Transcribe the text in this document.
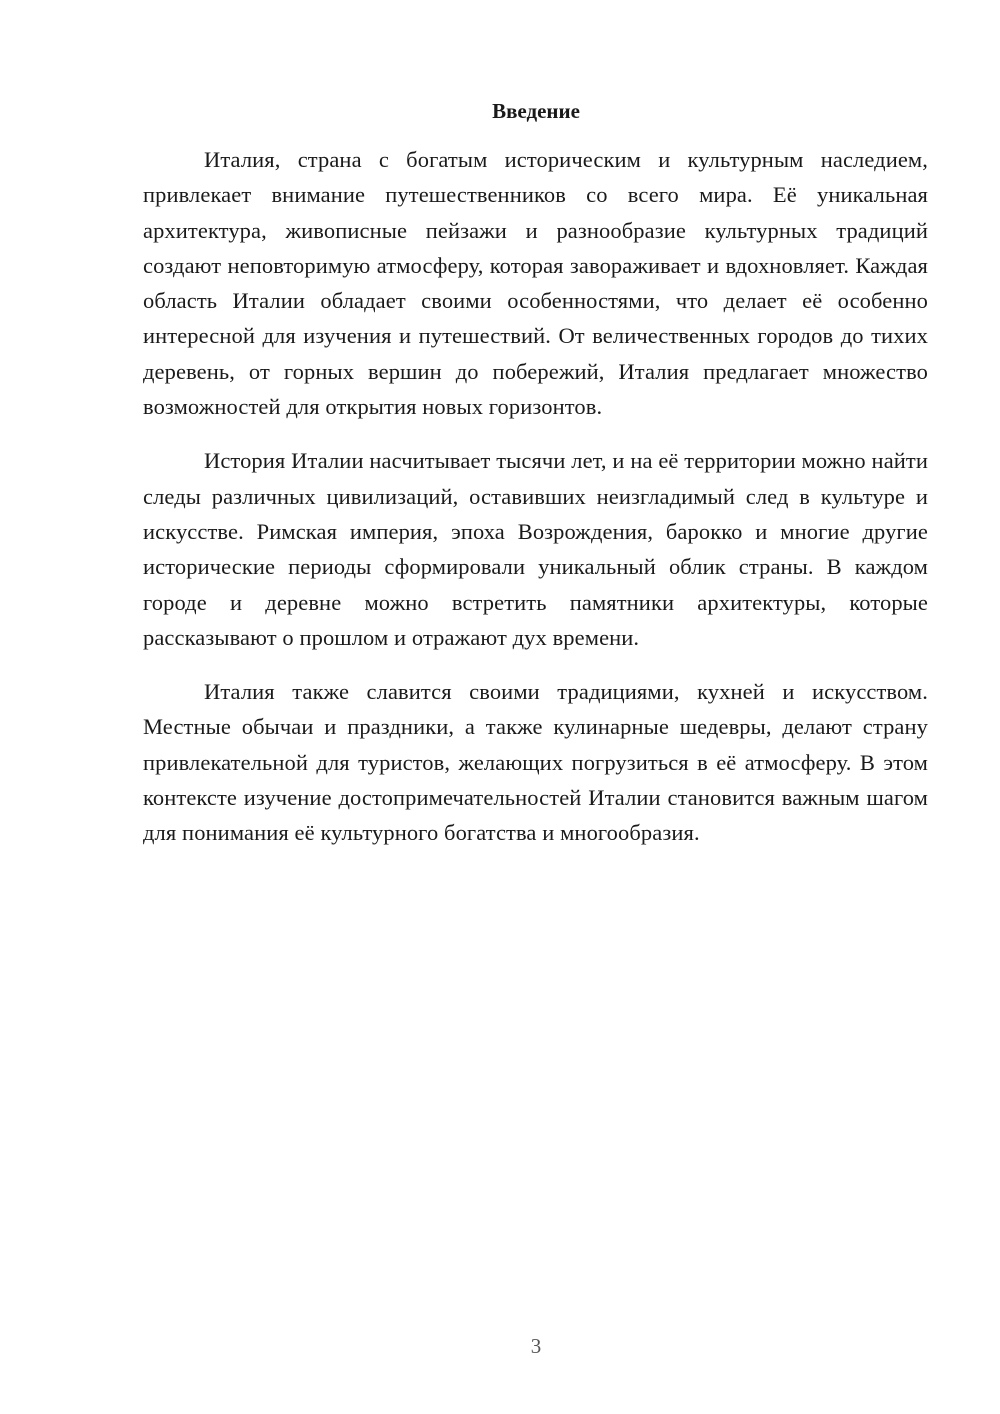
Введение

Италия, страна с богатым историческим и культурным наследием, привлекает внимание путешественников со всего мира. Её уникальная архитектура, живописные пейзажи и разнообразие культурных традиций создают неповторимую атмосферу, которая завораживает и вдохновляет. Каждая область Италии обладает своими особенностями, что делает её особенно интересной для изучения и путешествий. От величественных городов до тихих деревень, от горных вершин до побережий, Италия предлагает множество возможностей для открытия новых горизонтов.

История Италии насчитывает тысячи лет, и на её территории можно найти следы различных цивилизаций, оставивших неизгладимый след в культуре и искусстве. Римская империя, эпоха Возрождения, барокко и многие другие исторические периоды сформировали уникальный облик страны. В каждом городе и деревне можно встретить памятники архитектуры, которые рассказывают о прошлом и отражают дух времени.

Италия также славится своими традициями, кухней и искусством. Местные обычаи и праздники, а также кулинарные шедевры, делают страну привлекательной для туристов, желающих погрузиться в её атмосферу. В этом контексте изучение достопримечательностей Италии становится важным шагом для понимания её культурного богатства и многообразия.

3
